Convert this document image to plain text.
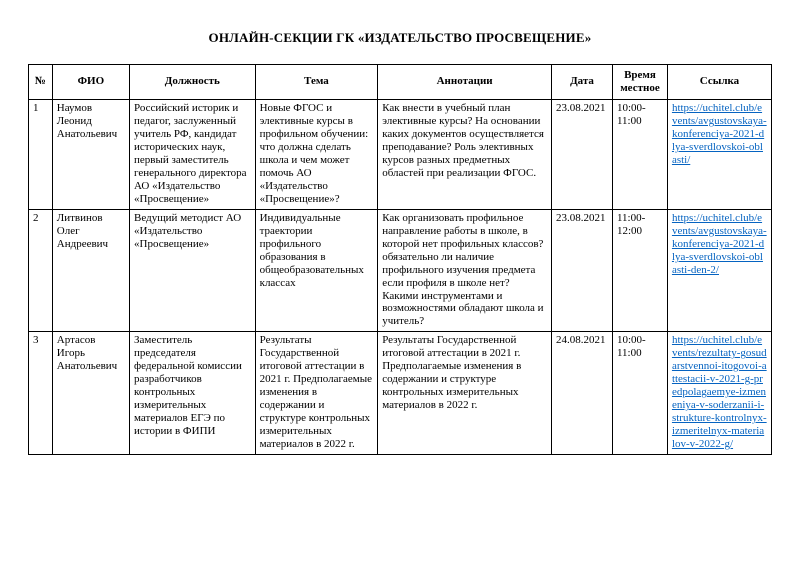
ОНЛАЙН-СЕКЦИИ ГК «ИЗДАТЕЛЬСТВО ПРОСВЕЩЕНИЕ»
№	ФИО	Должность	Тема	Аннотации	Дата	Время местное	Ссылка
1	Наумов Леонид Анатольевич	Российский историк и педагог, заслуженный учитель РФ, кандидат исторических наук, первый заместитель генерального директора АО «Издательство «Просвещение»	Новые ФГОС и элективные курсы в профильном обучении: что должна сделать школа и чем может помочь АО «Издательство «Просвещение»?	Как внести в учебный план элективные курсы? На основании каких документов осуществляется преподавание? Роль элективных курсов разных предметных областей при реализации ФГОС.	23.08.2021	10:00-11:00	https://uchitel.club/events/avgustovskaya-konferenciya-2021-dlya-sverdlovskoi-oblasti/
2	Литвинов Олег Андреевич	Ведущий методист АО «Издательство «Просвещение»	Индивидуальные траектории профильного образования в общеобразовательных классах	Как организовать профильное направление работы в школе, в которой нет профильных классов? обязательно ли наличие профильного изучения предмета если профиля в школе нет? Какими инструментами и возможностями обладают школа и учитель?	23.08.2021	11:00-12:00	https://uchitel.club/events/avgustovskaya-konferenciya-2021-dlya-sverdlovskoi-oblasti-den-2/
3	Артасов Игорь Анатольевич	Заместитель председателя федеральной комиссии разработчиков контрольных измерительных материалов ЕГЭ по истории в ФИПИ	Результаты Государственной итоговой аттестации в 2021 г. Предполагаемые изменения в содержании и структуре контрольных измерительных материалов в 2022 г.	Результаты Государственной итоговой аттестации в 2021 г. Предполагаемые изменения в содержании и структуре контрольных измерительных материалов в 2022 г.	24.08.2021	10:00-11:00	https://uchitel.club/events/rezultaty-gosudarstvennoi-itogovoi-attestacii-v-2021-g-predpolagaemye-izmeneniya-v-soderzanii-i-strukture-kontrolnyx-izmeritelnyx-materialov-v-2022-g/
